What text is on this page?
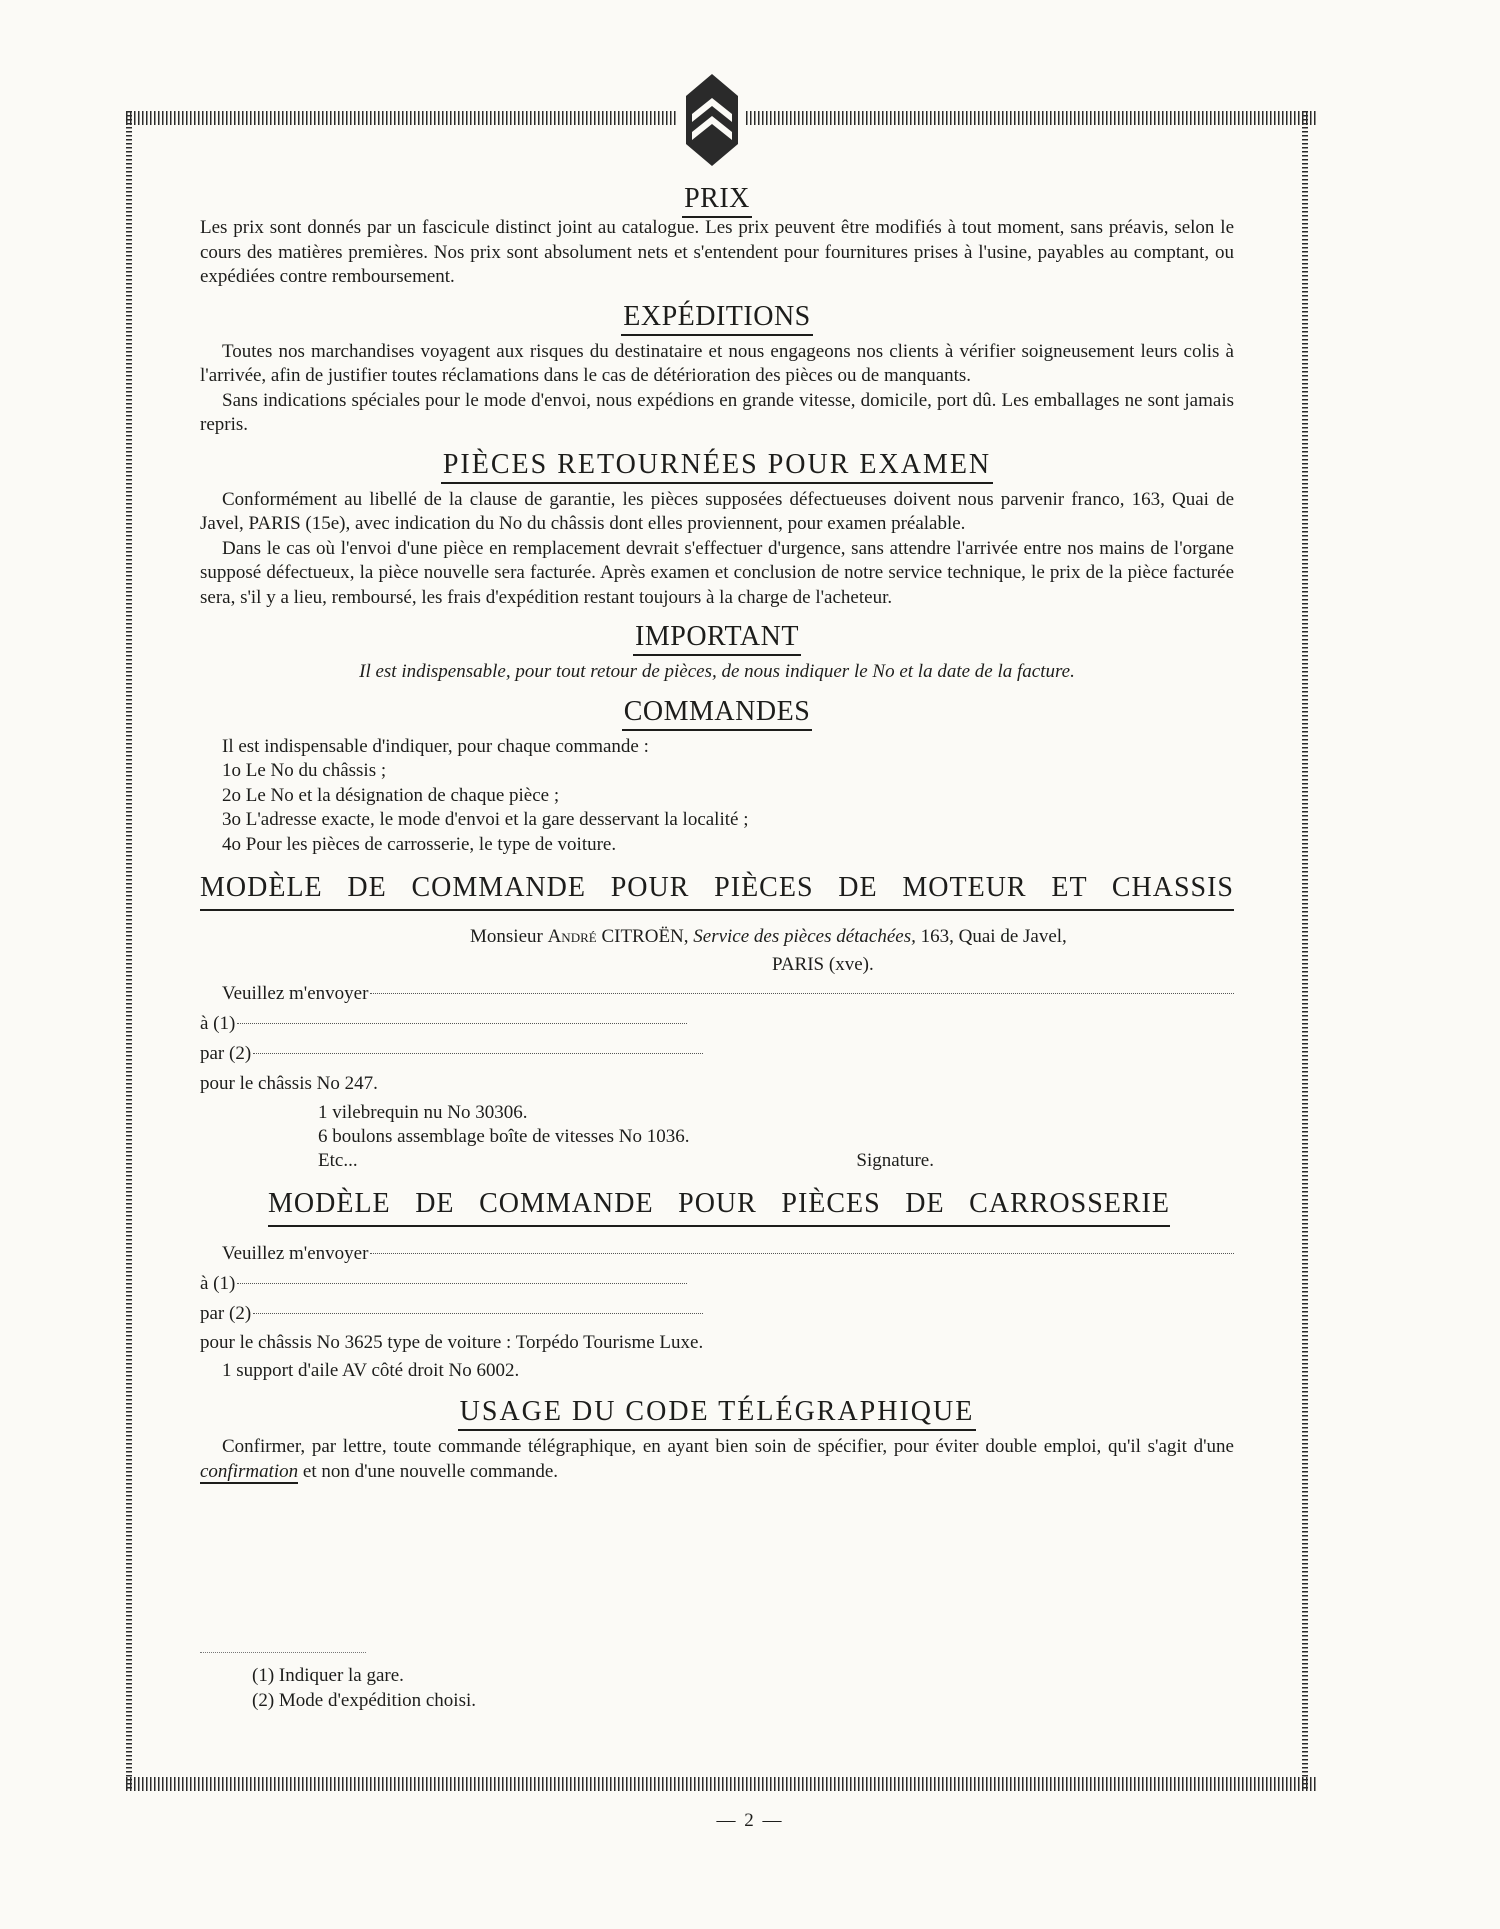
PRIX

Les prix sont donnés par un fascicule distinct joint au catalogue. Les prix peuvent être modifiés à tout moment, sans préavis, selon le cours des matières premières. Nos prix sont absolument nets et s'entendent pour fournitures prises à l'usine, payables au comptant, ou expédiées contre remboursement.

EXPÉDITIONS

Toutes nos marchandises voyagent aux risques du destinataire et nous engageons nos clients à vérifier soigneusement leurs colis à l'arrivée, afin de justifier toutes réclamations dans le cas de détérioration des pièces ou de manquants.

Sans indications spéciales pour le mode d'envoi, nous expédions en grande vitesse, domicile, port dû. Les emballages ne sont jamais repris.

PIÈCES RETOURNÉES POUR EXAMEN

Conformément au libellé de la clause de garantie, les pièces supposées défectueuses doivent nous parvenir franco, 163, Quai de Javel, PARIS (15e), avec indication du No du châssis dont elles proviennent, pour examen préalable.

Dans le cas où l'envoi d'une pièce en remplacement devrait s'effectuer d'urgence, sans attendre l'arrivée entre nos mains de l'organe supposé défectueux, la pièce nouvelle sera facturée. Après examen et conclusion de notre service technique, le prix de la pièce facturée sera, s'il y a lieu, remboursé, les frais d'expédition restant toujours à la charge de l'acheteur.

IMPORTANT

Il est indispensable, pour tout retour de pièces, de nous indiquer le No et la date de la facture.

COMMANDES

Il est indispensable d'indiquer, pour chaque commande :

1o Le No du châssis ;
2o Le No et la désignation de chaque pièce ;
3o L'adresse exacte, le mode d'envoi et la gare desservant la localité ;
4o Pour les pièces de carrosserie, le type de voiture.
MODÈLE DE COMMANDE POUR PIÈCES DE MOTEUR ET CHASSIS
Monsieur André CITROËN, Service des pièces détachées, 163, Quai de Javel,
PARIS (xve).
Veuillez m'envoyer
à (1)
par (2)
pour le châssis No 247.
1 vilebrequin nu No 30306.
6 boulons assemblage boîte de vitesses No 1036.
Etc...	Signature.
MODÈLE DE COMMANDE POUR PIÈCES DE CARROSSERIE
Veuillez m'envoyer
à (1)
par (2)
pour le châssis No 3625 type de voiture : Torpédo Tourisme Luxe.
1 support d'aile AV côté droit No 6002.
USAGE DU CODE TÉLÉGRAPHIQUE

Confirmer, par lettre, toute commande télégraphique, en ayant bien soin de spécifier, pour éviter double emploi, qu'il s'agit d'une confirmation et non d'une nouvelle commande.

(1) Indiquer la gare.
(2) Mode d'expédition choisi.
— 2 —
